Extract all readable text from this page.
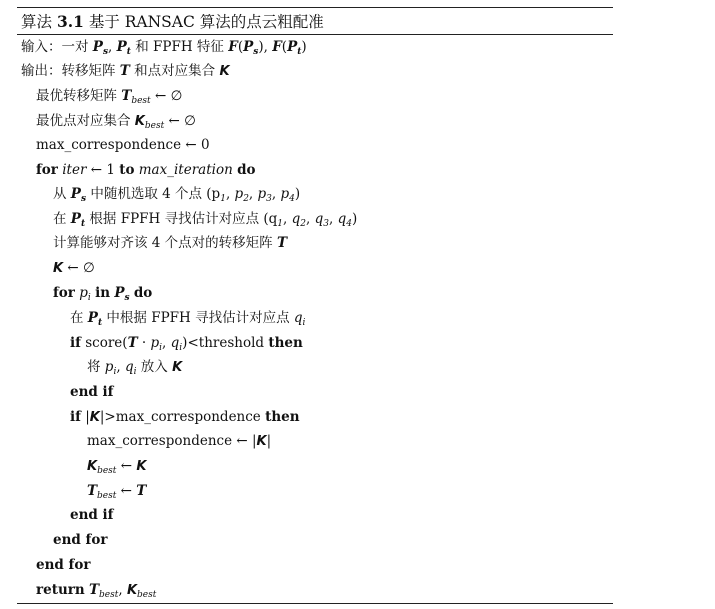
算法 3.1 基于 RANSAC 算法的点云粗配准
输入：一对 $P_s$, $P_t$ 和 FPFH 特征 $F(P_s)$, $F(P_t)$
输出：转移矩阵 T 和点对应集合 K
最优转移矩阵 $T_{best}$ ← ∅
最优点对应集合 $K_{best}$ ← ∅
max_correspondence ← 0
for iter ← 1 to max_iteration do
从 $P_s$ 中随机选取 4 个点 ($p_1$, $p_2$, $p_3$, $p_4$)
在 $P_t$ 根据 FPFH 寻找估计对应点 ($q_1$, $q_2$, $q_3$, $q_4$)
计算能够对齐该 4 个点对的转移矩阵 T
K ← ∅
for $p_i$ in $P_s$ do
在 $P_t$ 中根据 FPFH 寻找估计对应点 $q_i$
if score(T · $p_i$, $q_i)<threshold$ then
将 $p_i$, $q_i$ 放入 K
end if
if |K|>max_correspondence then
max_correspondence ← |K|
$K_{best}$ ← K
$T_{best}$ ← T
end if
end for
end for
return $T_{best}$, $K_{best}$
